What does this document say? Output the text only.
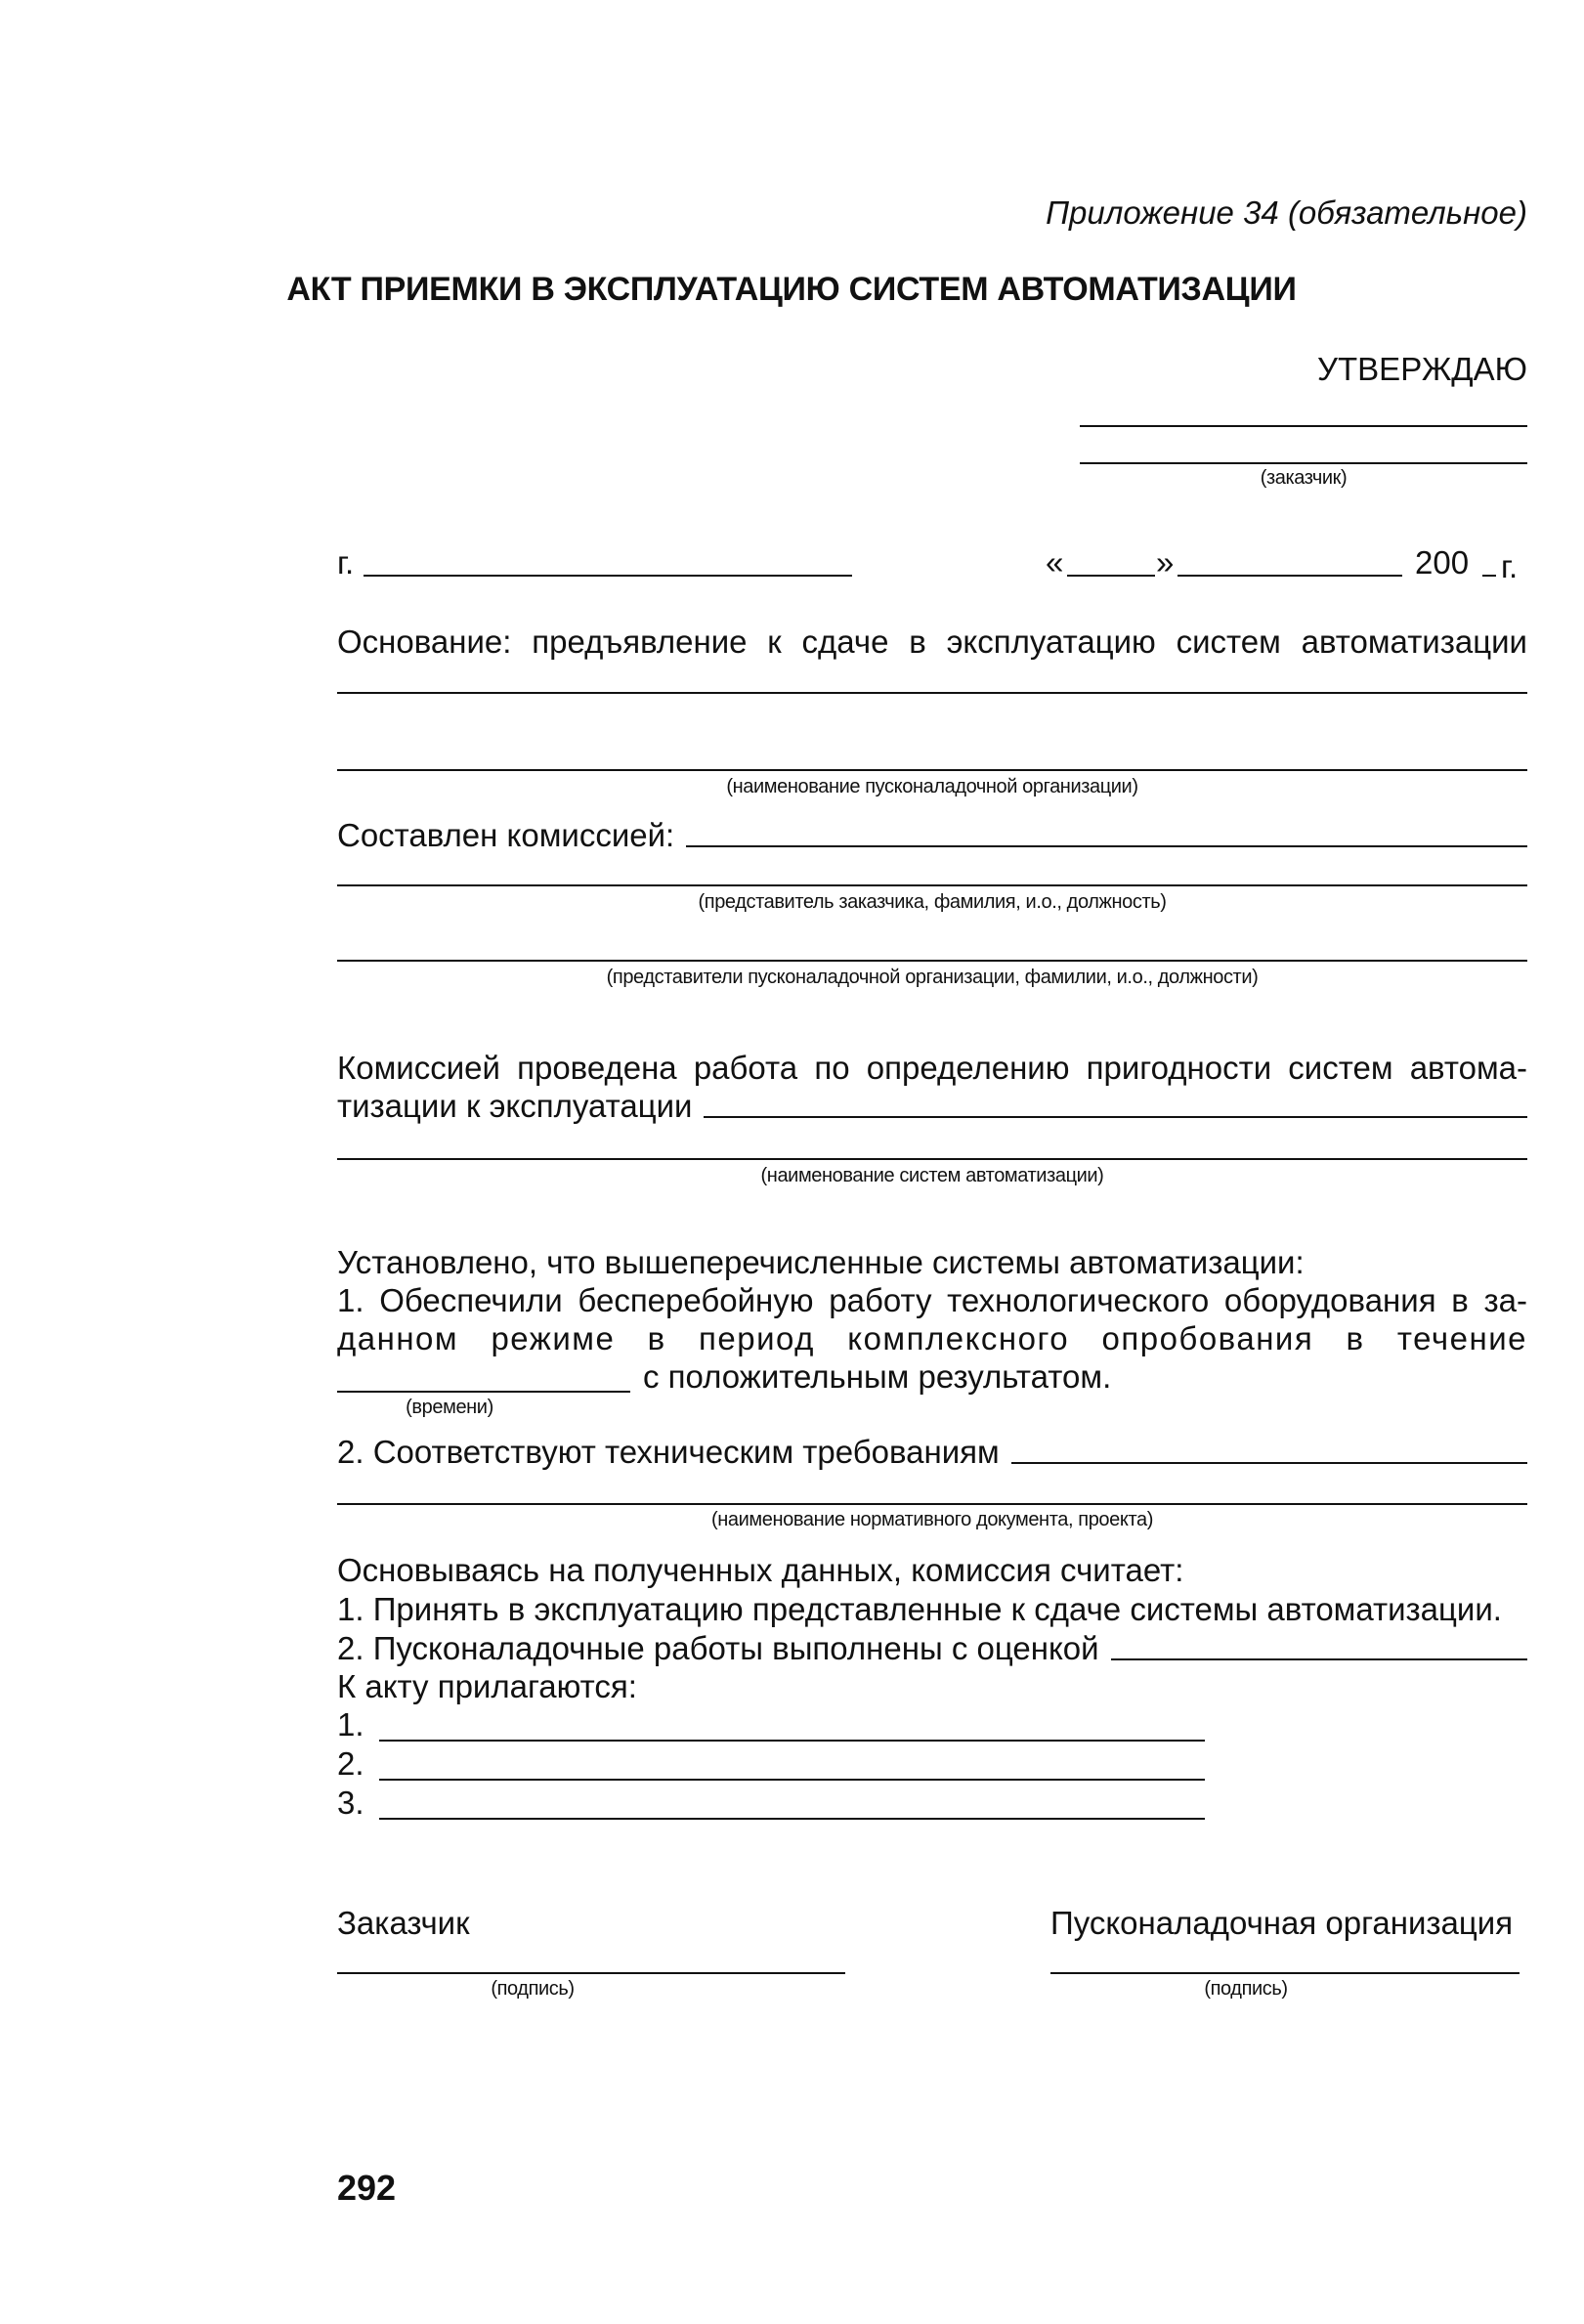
Приложение 34 (обязательное)
АКТ ПРИЕМКИ В ЭКСПЛУАТАЦИЮ СИСТЕМ АВТОМАТИЗАЦИИ
УТВЕРЖДАЮ
(заказчик)
г.	«	»	200 г.
Основание: предъявление к сдаче в эксплуатацию систем автоматизации
(наименование пусконаладочной организации)
Составлен комиссией:
(представитель заказчика, фамилия, и.о., должность)
(представители пусконаладочной организации, фамилии, и.о., должности)
Комиссией проведена работа по определению пригодности систем автома-
тизации к эксплуатации
(наименование систем автоматизации)
Установлено, что вышеперечисленные системы автоматизации:
1. Обеспечили бесперебойную работу технологического оборудования в за-
данном режиме в период комплексного опробования в течение
с положительным результатом.
(времени)
2. Соответствуют техническим требованиям
(наименование нормативного документа, проекта)
Основываясь на полученных данных, комиссия считает:
1. Принять в эксплуатацию представленные к сдаче системы автоматизации.
2. Пусконаладочные работы выполнены с оценкой
К акту прилагаются:
1.
2.
3.
Заказчик
(подпись)
Пусконаладочная организация
(подпись)
292
